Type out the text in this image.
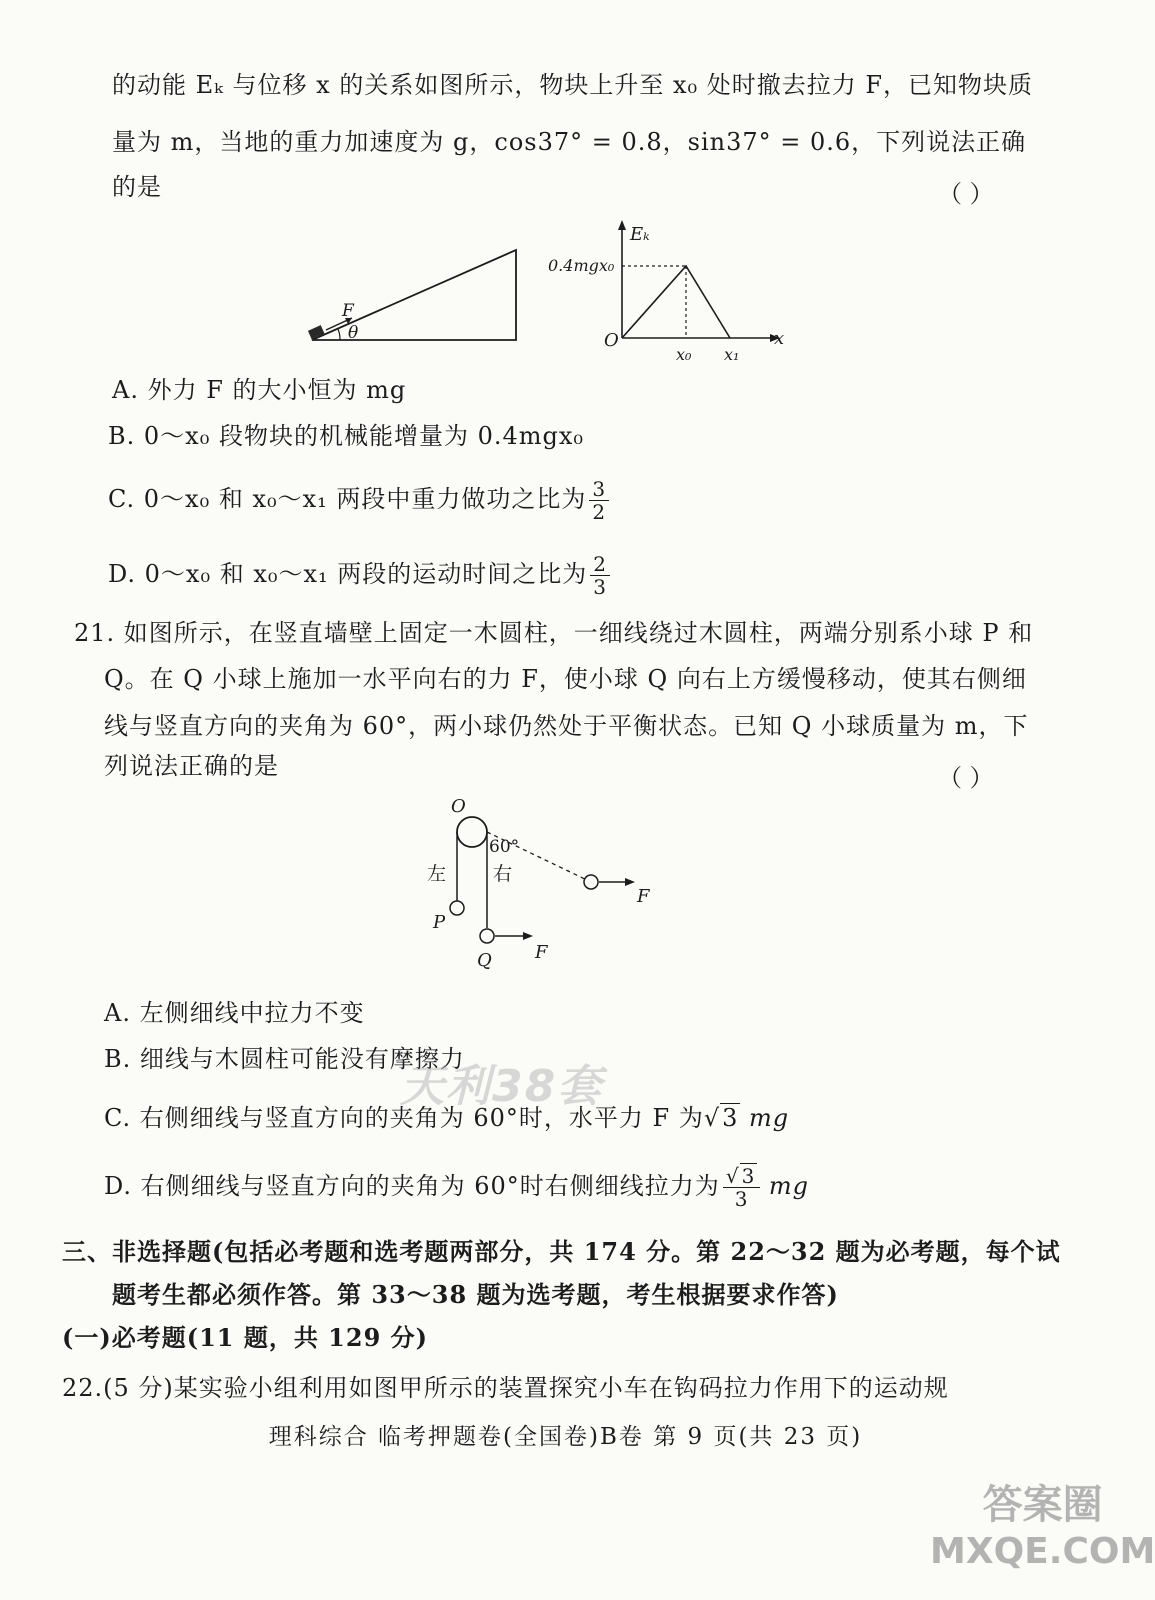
的动能 Eₖ 与位移 x 的关系如图所示，物块上升至 x₀ 处时撤去拉力 F，已知物块质
量为 m，当地的重力加速度为 g，cos37° = 0.8，sin37° = 0.6，下列说法正确
的是	（ ）
F
θ
Eₖ
x
O
0.4mgx₀
x₀ x₁
A. 外力 F 的大小恒为 mg
B. 0～x₀ 段物块的机械能增量为 0.4mgx₀
C. 0～x₀ 和 x₀～x₁ 两段中重力做功之比为 $\frac{3}{2}$
D. 0～x₀ 和 x₀～x₁ 两段的运动时间之比为 $\frac{2}{3}$
21. 如图所示，在竖直墙壁上固定一木圆柱，一细线绕过木圆柱，两端分别系小球 P 和
Q。在 Q 小球上施加一水平向右的力 F，使小球 Q 向右上方缓慢移动，使其右侧细
线与竖直方向的夹角为 60°，两小球仍然处于平衡状态。已知 Q 小球质量为 m，下
列说法正确的是	（ ）
O
60°
左 右
P
Q F
F
A. 左侧细线中拉力不变
B. 细线与木圆柱可能没有摩擦力
C. 右侧细线与竖直方向的夹角为 60°时，水平力 F 为√3 mg
D. 右侧细线与竖直方向的夹角为 60°时右侧细线拉力为 $\frac{√ 3}{3}$ mg
三、非选择题(包括必考题和选考题两部分，共 174 分。第 22～32 题为必考题，每个试
题考生都必须作答。第 33～38 题为选考题，考生根据要求作答)
(一)必考题(11 题，共 129 分)
22.(5 分)某实验小组利用如图甲所示的装置探究小车在钩码拉力作用下的运动规
理科综合 临考押题卷(全国卷)B卷 第 9 页(共 23 页)
天利38套
答案圈
MXQE.COM
